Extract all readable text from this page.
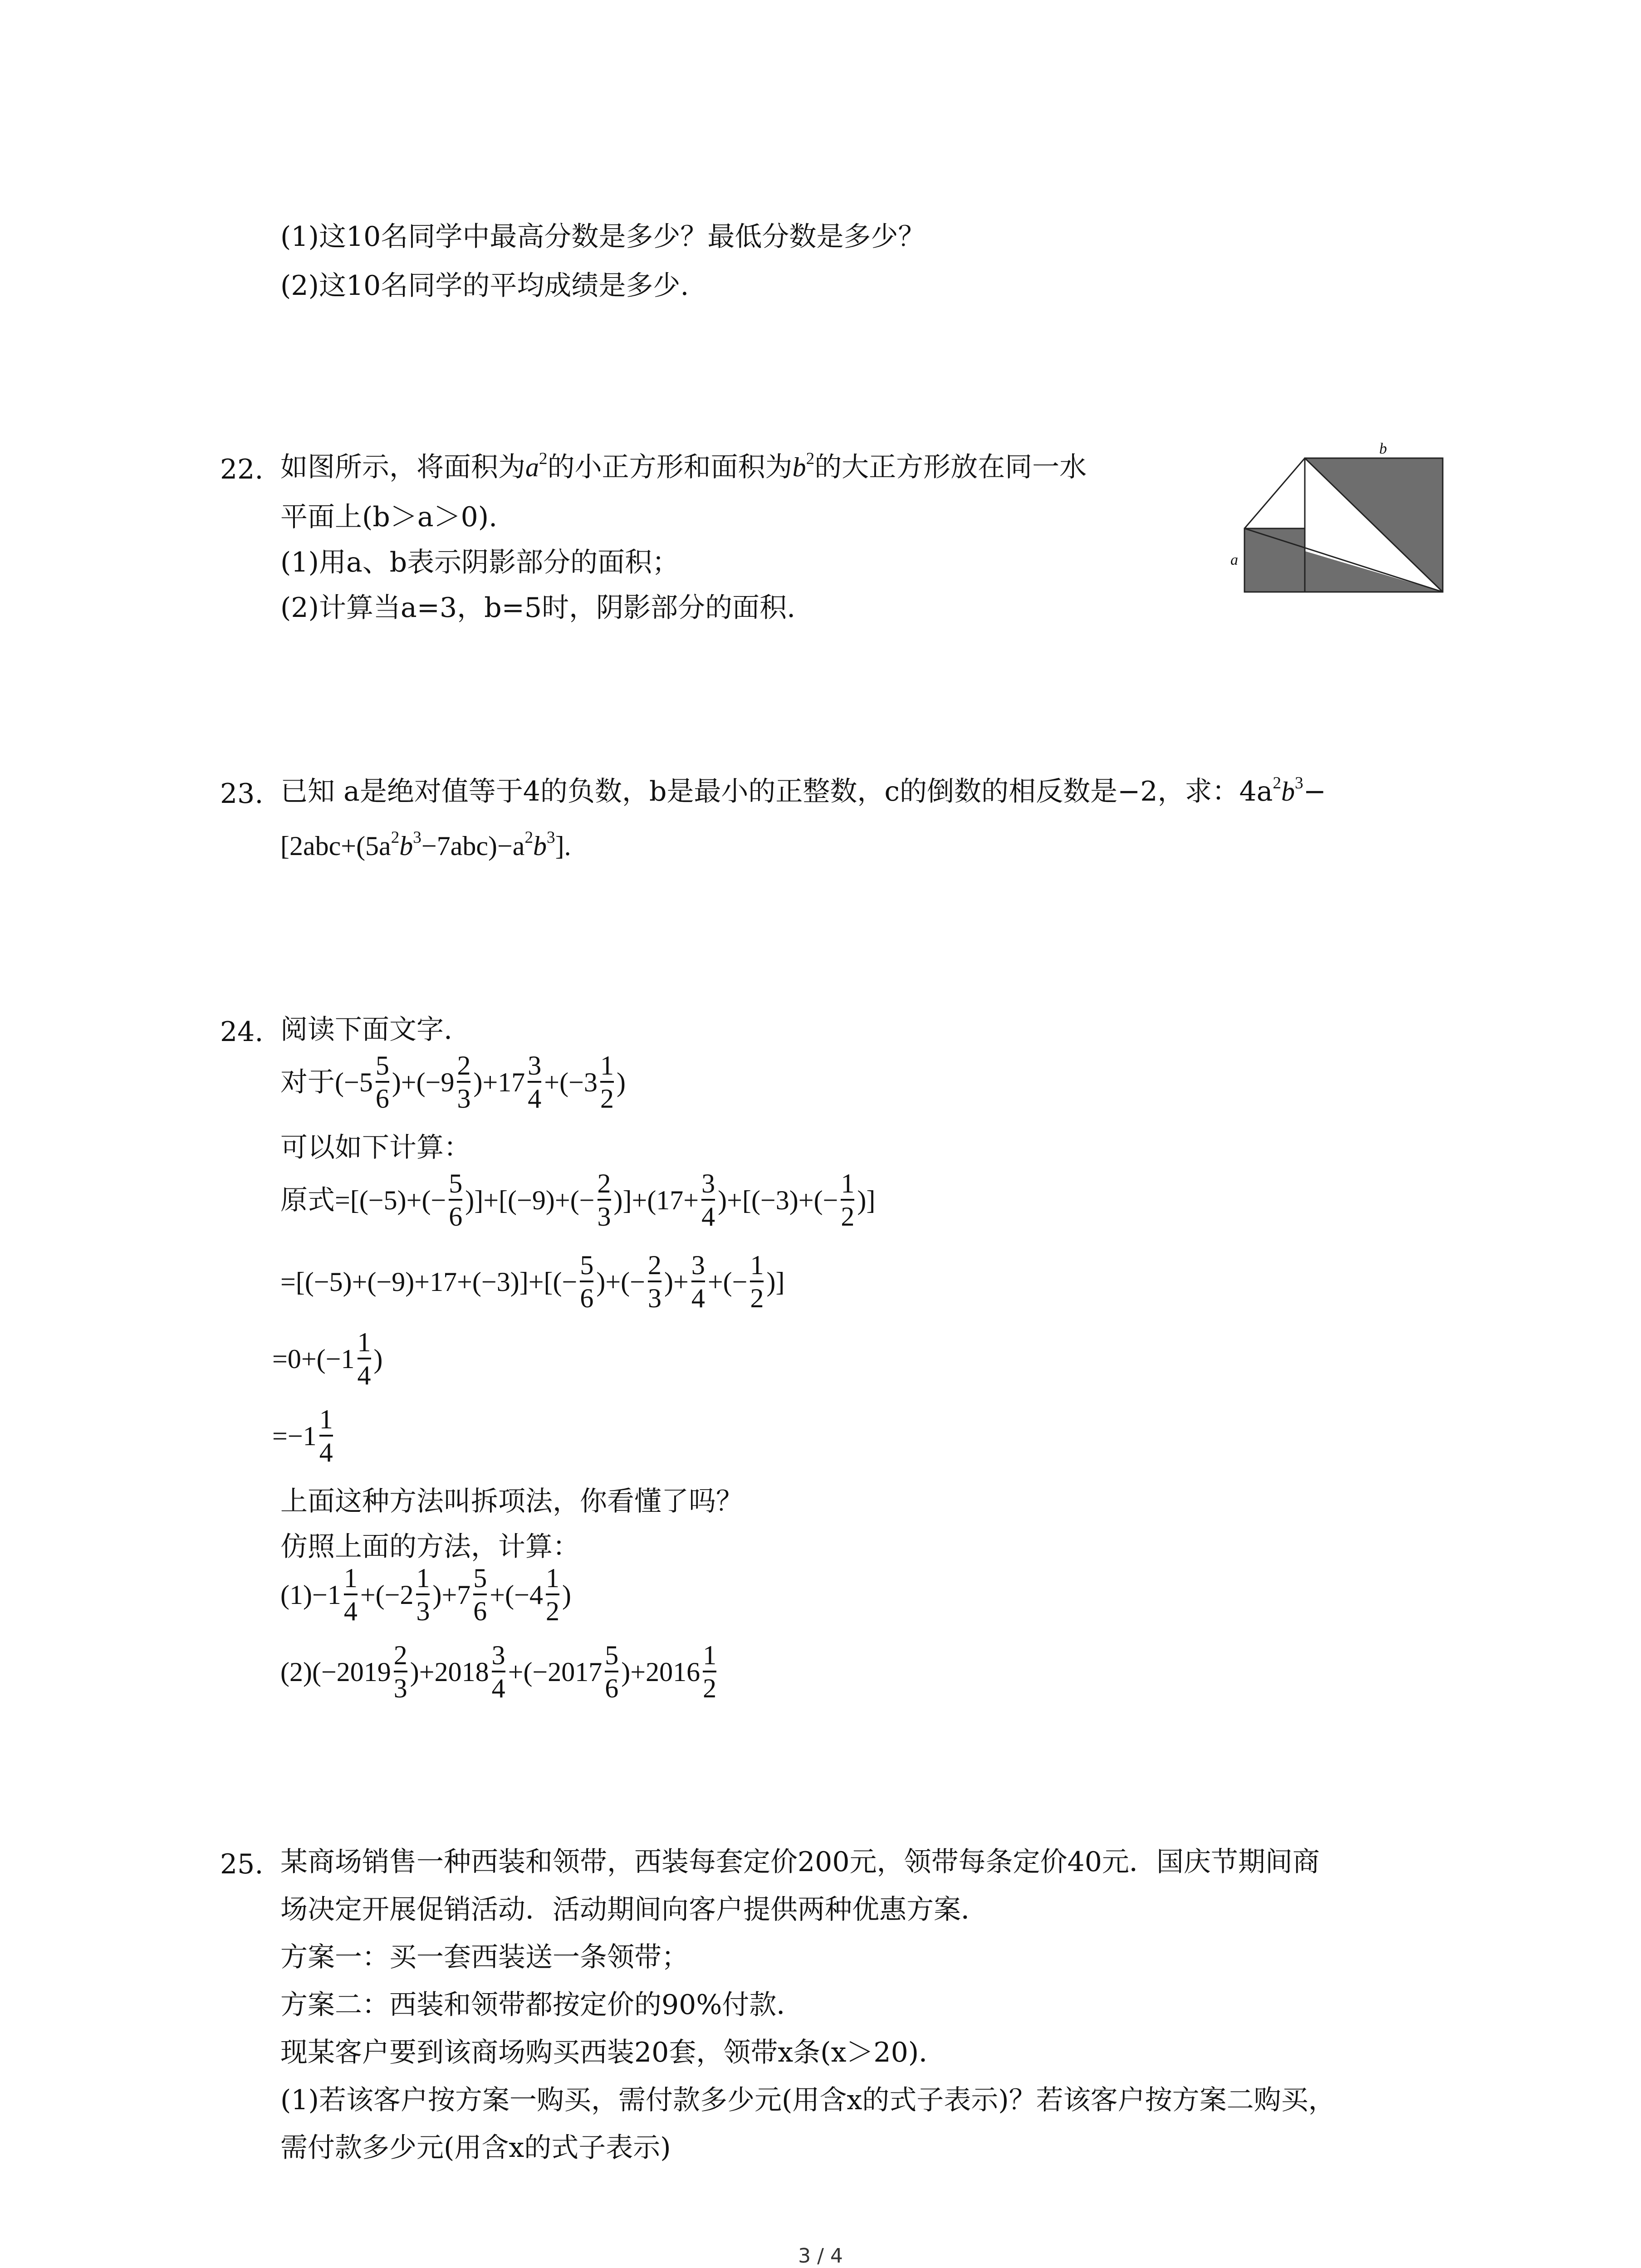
(1)这10名同学中最高分数是多少？最低分数是多少？
(2)这10名同学的平均成绩是多少.
22. 如图所示，将面积为$a^2$的小正方形和面积为$b^2$的大正方形放在同一水
平面上(b＞a＞0).
(1)用a、b表示阴影部分的面积；
(2)计算当a=3，b=5时，阴影部分的面积.
b
a
23. 已知 a是绝对值等于4的负数，b是最小的正整数，c的倒数的相反数是−2，求：$4a^2b^3-$
$[2abc+(5a^2b^3-7abc)-a^2b^3]$.
24. 阅读下面文字.
对于 $(-5 \frac{5}{6} )+(-9 \frac{2}{3} )+17 \frac{3}{4} +(-3 \frac{1}{2}$ )
可以如下计算：
原式 $=[(-5)+(- \frac{5}{6} )]+[(-9)+(- \frac{2}{3} )]+(17+ \frac{3}{4} )+[(-3)+(- \frac{1}{2}$ )]
$=[(-5)+(-9)+17+(-3)]+[(- \frac{5}{6}$ )+(− $\frac{2}{3}$ )+ $\frac{3}{4}$ +(− $\frac{1}{2}$ )]
$=0+(-1 \frac{1}{4}$ )
$=-1 \frac{1}{4}$
上面这种方法叫拆项法，你看懂了吗？
仿照上面的方法，计算：
$(1)-1 \frac{1}{4} +(-2 \frac{1}{3} )+7 \frac{5}{6} +(-4 \frac{1}{2}$ )
$(2)(-2019 \frac{2}{3} )+2018 \frac{3}{4} +(-2017 \frac{5}{6} )+2016 \frac{1}{2}$
25. 某商场销售一种西装和领带，西装每套定价200元，领带每条定价40元．国庆节期间商
场决定开展促销活动．活动期间向客户提供两种优惠方案．
方案一：买一套西装送一条领带；
方案二：西装和领带都按定价的90%付款．
现某客户要到该商场购买西装20套，领带x条(x＞20)．
(1)若该客户按方案一购买，需付款多少元(用含x的式子表示)？若该客户按方案二购买，
需付款多少元(用含x的式子表示)
3 / 4
